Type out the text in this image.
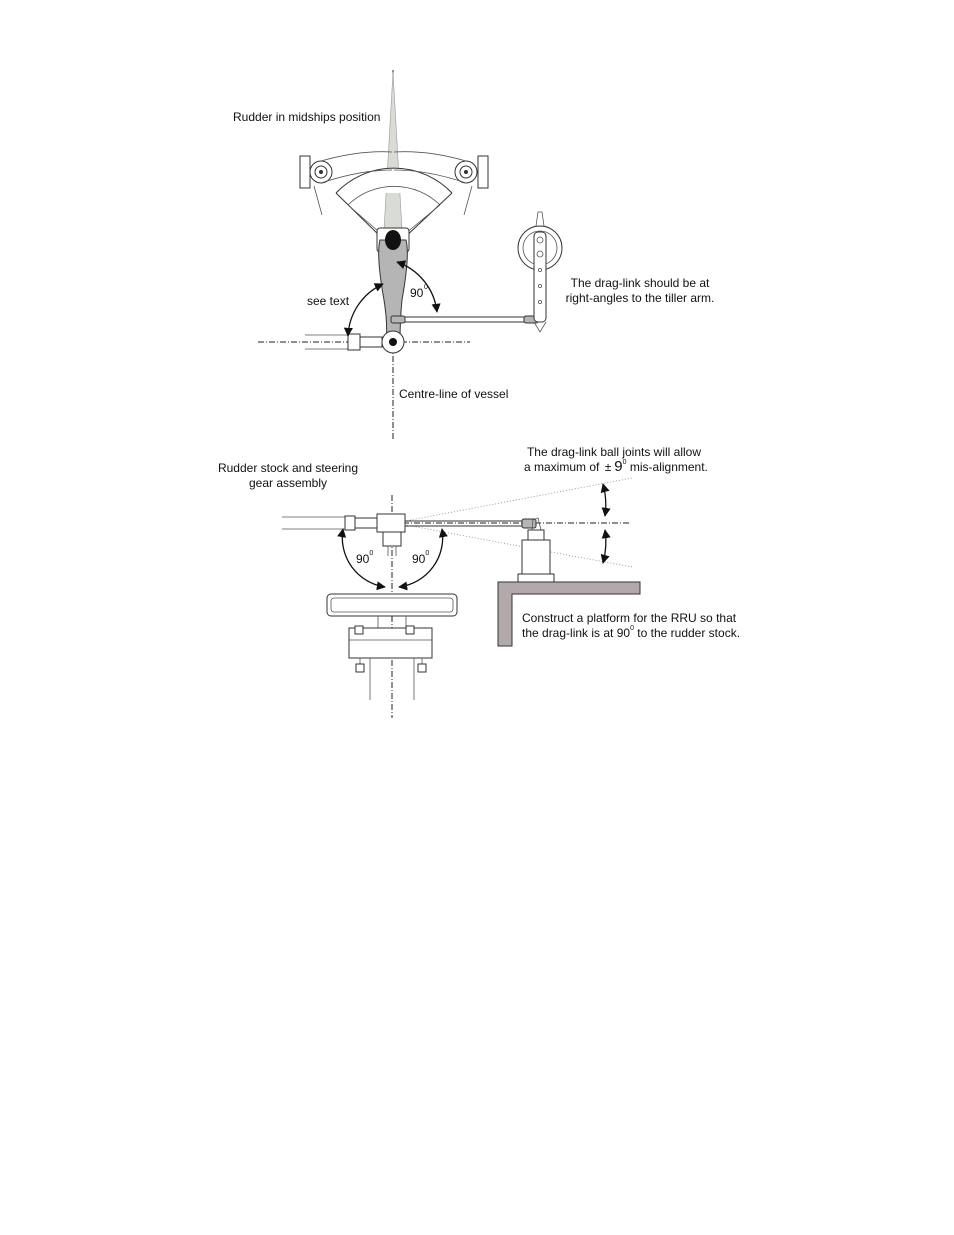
Rudder in midships position
see text
90 0	The drag-link should be at
right-angles to the tiller arm.
Centre-line of vessel
Rudder stock and steering
gear assembly
The drag-link ball joints will allow
a maximum of ± $9^0$ mis-alignment.
$90^0$	$90^0$
Construct a platform for the RRU so that
the drag-link is at $90^0$ to the rudder stock.
